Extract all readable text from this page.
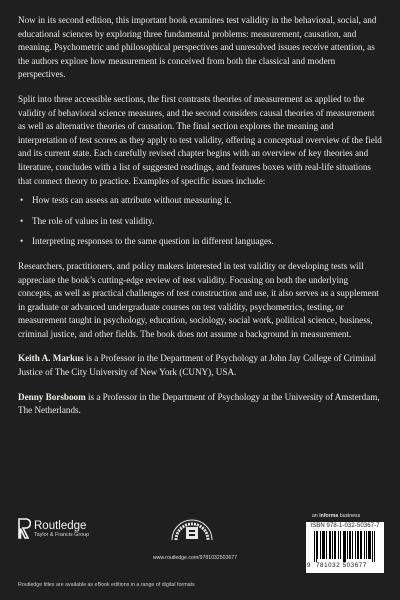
Now in its second edition, this important book examines test validity in the behavioral, social, and educational sciences by exploring three fundamental problems: measurement, causation, and meaning. Psychometric and philosophical perspectives and unresolved issues receive attention, as the authors explore how measurement is conceived from both the classical and modern perspectives.

Split into three accessible sections, the first contrasts theories of measurement as applied to the validity of behavioral science measures, and the second considers causal theories of measurement as well as alternative theories of causation. The final section explores the meaning and interpretation of test scores as they apply to test validity, offering a conceptual overview of the field and its current state. Each carefully revised chapter begins with an overview of key theories and literature, concludes with a list of suggested readings, and features boxes with real-life situations that connect theory to practice. Examples of specific issues include:

• How tests can assess an attribute without measuring it.
• The role of values in test validity.
• Interpreting responses to the same question in different languages.

Researchers, practitioners, and policy makers interested in test validity or developing tests will appreciate the book’s cutting-edge review of test validity. Focusing on both the underlying concepts, as well as practical challenges of test construction and use, it also serves as a supplement in graduate or advanced undergraduate courses on test validity, psychometrics, testing, or measurement taught in psychology, education, sociology, social work, political science, business, criminal justice, and other fields. The book does not assume a background in measurement.

Keith A. Markus is a Professor in the Department of Psychology at John Jay College of Criminal Justice of The City University of New York (CUNY), USA.

Denny Borsboom is a Professor in the Department of Psychology at the University of Amsterdam, The Netherlands.

Routledge
Taylor & Francis Group
www.routledge.com/9781032503677
an informa business
ISBN 978-1-032-50367-7
9 781032 503677
Routledge titles are available as eBook editions in a range of digital formats
